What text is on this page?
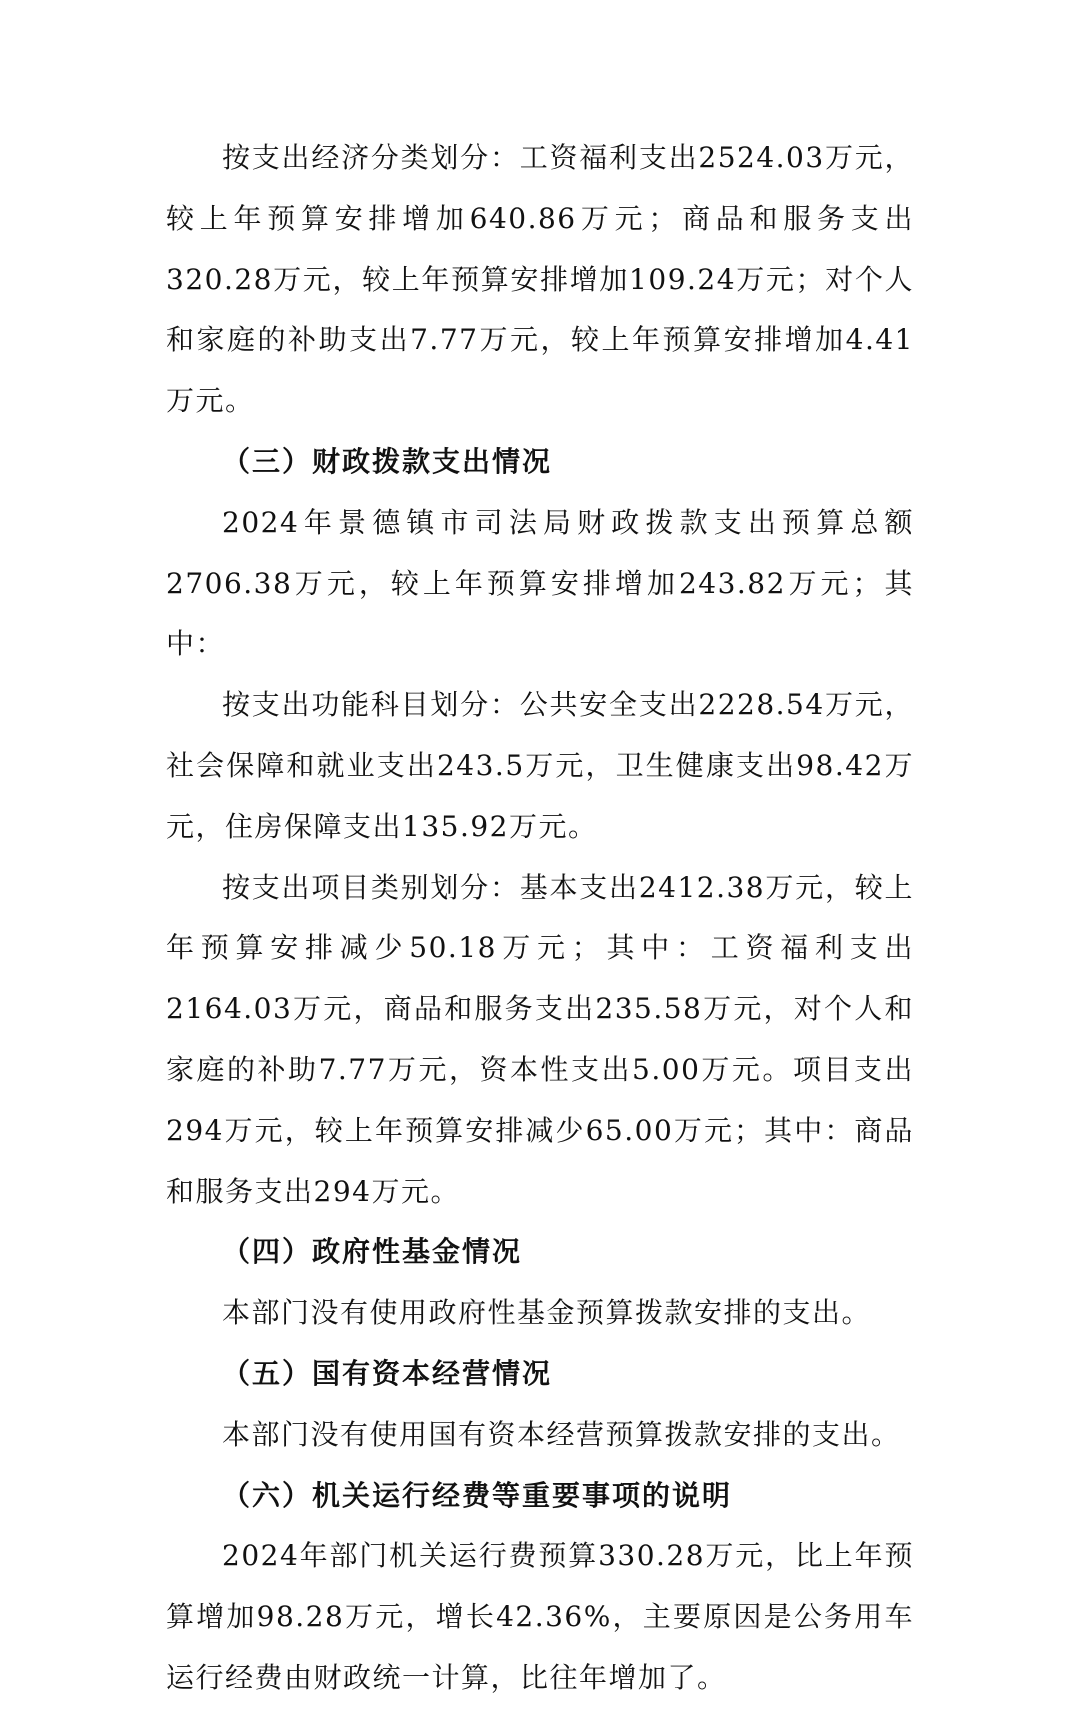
按支出经济分类划分：工资福利支出2524.03万元，较上年预算安排增加640.86万元；商品和服务支出320.28万元，较上年预算安排增加109.24万元；对个人和家庭的补助支出7.77万元，较上年预算安排增加4.41万元。

（三）财政拨款支出情况

2024年景德镇市司法局财政拨款支出预算总额2706.38万元，较上年预算安排增加243.82万元；其中：

按支出功能科目划分：公共安全支出2228.54万元，社会保障和就业支出243.5万元，卫生健康支出98.42万元，住房保障支出135.92万元。

按支出项目类别划分：基本支出2412.38万元，较上年预算安排减少50.18万元；其中：工资福利支出2164.03万元，商品和服务支出235.58万元，对个人和家庭的补助7.77万元，资本性支出5.00万元。项目支出294万元，较上年预算安排减少65.00万元；其中：商品和服务支出294万元。

（四）政府性基金情况

本部门没有使用政府性基金预算拨款安排的支出。

（五）国有资本经营情况

本部门没有使用国有资本经营预算拨款安排的支出。

（六）机关运行经费等重要事项的说明

2024年部门机关运行费预算330.28万元，比上年预算增加98.28万元，增长42.36%，主要原因是公务用车运行经费由财政统一计算，比往年增加了。
